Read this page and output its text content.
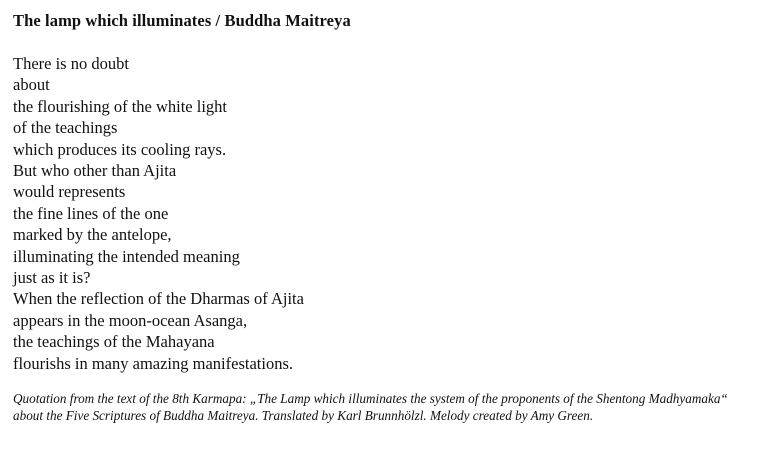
The lamp which illuminates / Buddha Maitreya
There is no doubt
about
the flourishing of the white light
of the teachings
which produces its cooling rays.
But who other than Ajita
would represents
the fine lines of the one
marked by the antelope,
illuminating the intended meaning
just as it is?
When the reflection of the Dharmas of Ajita
appears in the moon-ocean Asanga,
the teachings of the Mahayana
flourishs in many amazing manifestations.

Quotation from the text of the 8th Karmapa: „The Lamp which illuminates the system of the proponents of the Shentong Madhyamaka“ about the Five Scriptures of Buddha Maitreya. Translated by Karl Brunnhölzl. Melody created by Amy Green.
